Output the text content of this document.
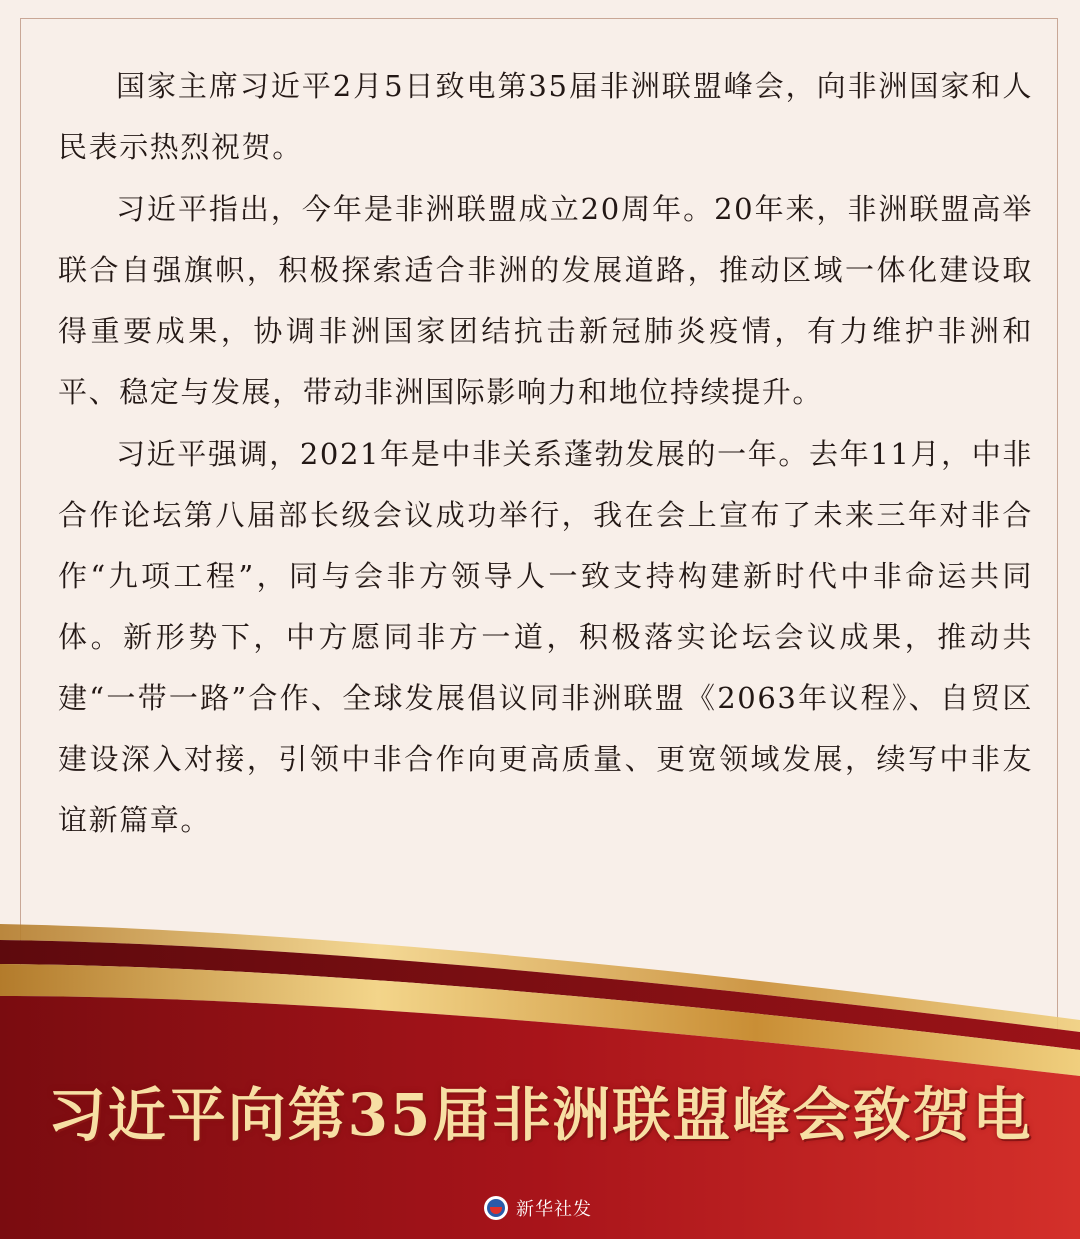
国家主席习近平2月5日致电第35届非洲联盟峰会，向非洲国家和人民表示热烈祝贺。

习近平指出，今年是非洲联盟成立20周年。20年来，非洲联盟高举联合自强旗帜，积极探索适合非洲的发展道路，推动区域一体化建设取得重要成果，协调非洲国家团结抗击新冠肺炎疫情，有力维护非洲和平、稳定与发展，带动非洲国际影响力和地位持续提升。

习近平强调，2021年是中非关系蓬勃发展的一年。去年11月，中非合作论坛第八届部长级会议成功举行，我在会上宣布了未来三年对非合作“九项工程”，同与会非方领导人一致支持构建新时代中非命运共同体。新形势下，中方愿同非方一道，积极落实论坛会议成果，推动共建“一带一路”合作、全球发展倡议同非洲联盟《2063年议程》、自贸区建设深入对接，引领中非合作向更高质量、更宽领域发展，续写中非友谊新篇章。

习近平向第35届非洲联盟峰会致贺电
新华社发
